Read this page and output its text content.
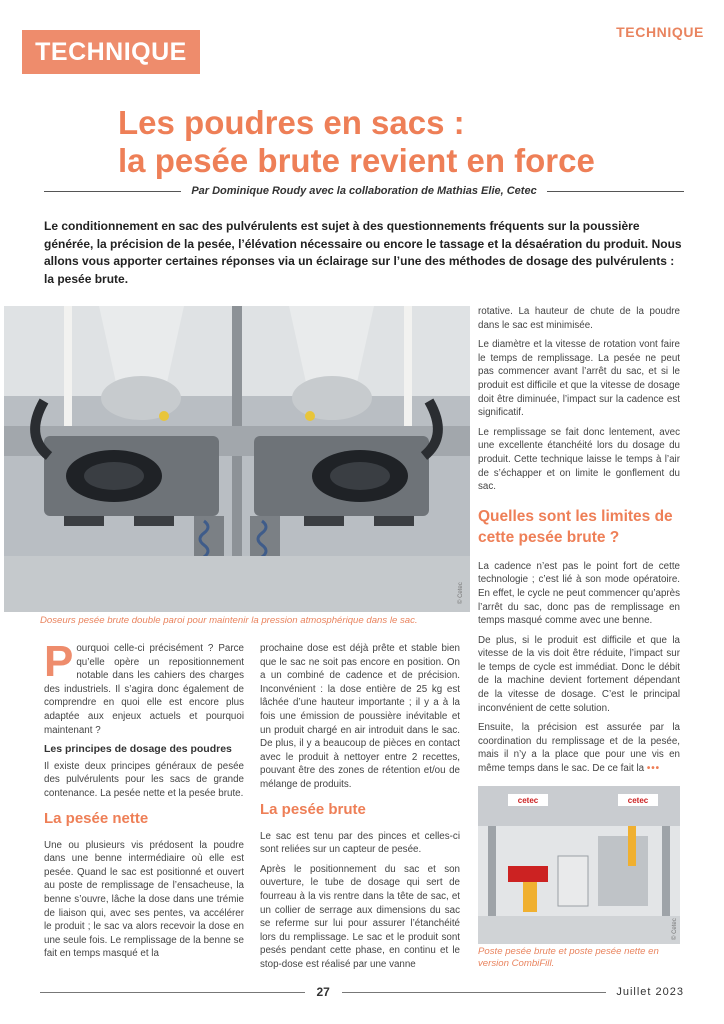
TECHNIQUE
TECHNIQUE
Les poudres en sacs :
la pesée brute revient en force
Par Dominique Roudy avec la collaboration de Mathias Elie, Cetec

Le conditionnement en sac des pulvérulents est sujet à des questionnements fréquents sur la poussière générée, la précision de la pesée, l’élévation nécessaire ou encore le tassage et la désaération du produit. Nous allons vous apporter certaines réponses via un éclairage sur l’une des méthodes de dosage des pulvérulents : la pesée brute.

© Cetec
Doseurs pesée brute double paroi pour maintenir la pression atmosphérique dans le sac.

Pourquoi celle-ci précisément ? Parce qu’elle opère un repositionnement notable dans les cahiers des charges des industriels. Il s’agira donc également de comprendre en quoi elle est encore plus adaptée aux enjeux actuels et pourquoi maintenant ?

Les principes de dosage des poudres

Il existe deux principes généraux de pesée des pulvérulents pour les sacs de grande contenance. La pesée nette et la pesée brute.

La pesée nette

Une ou plusieurs vis prédosent la poudre dans une benne intermédiaire où elle est pesée. Quand le sac est positionné et ouvert au poste de remplissage de l’ensacheuse, la benne s’ouvre, lâche la dose dans une trémie de liaison qui, avec ses pentes, va accélérer le produit ; le sac va alors recevoir la dose en une seule fois. Le remplissage de la benne se fait en temps masqué et la

prochaine dose est déjà prête et stable bien que le sac ne soit pas encore en position. On a un combiné de cadence et de précision. Inconvénient : la dose entière de 25 kg est lâchée d’une hauteur importante ; il y a à la fois une émission de poussière inévitable et un produit chargé en air introduit dans le sac. De plus, il y a beaucoup de pièces en contact avec le produit à nettoyer entre 2 recettes, pouvant être des zones de rétention et/ou de mélange de produits.

La pesée brute

Le sac est tenu par des pinces et celles-ci sont reliées sur un capteur de pesée.

Après le positionnement du sac et son ouverture, le tube de dosage qui sert de fourreau à la vis rentre dans la tête de sac, et un collier de serrage aux dimensions du sac se referme sur lui pour assurer l’étanchéité lors du remplissage. Le sac et le produit sont pesés pendant cette phase, en continu et le stop-dose est réalisé par une vanne

rotative. La hauteur de chute de la poudre dans le sac est minimisée.

Le diamètre et la vitesse de rotation vont faire le temps de remplissage. La pesée ne peut pas commencer avant l’arrêt du sac, et si le produit est difficile et que la vitesse de dosage doit être diminuée, l’impact sur la cadence est significatif.

Le remplissage se fait donc lentement, avec une excellente étanchéité lors du dosage du produit. Cette technique laisse le temps à l’air de s’échapper et on limite le gonflement du sac.

Quelles sont les limites de cette pesée brute ?

La cadence n’est pas le point fort de cette technologie ; c’est lié à son mode opératoire. En effet, le cycle ne peut commencer qu’après l’arrêt du sac, donc pas de remplissage en temps masqué comme avec une benne.

De plus, si le produit est difficile et que la vitesse de la vis doit être réduite, l’impact sur le temps de cycle est immédiat. Donc le débit de la machine devient fortement dépendant de la vitesse de dosage. C’est le principal inconvénient de cette solution.

Ensuite, la précision est assurée par la coordination du remplissage et de la pesée, mais il n’y a la place que pour une vis en même temps dans le sac. De ce fait la •••

cetec	cetec
© Cetec
Poste pesée brute et poste pesée nette en version CombiFill.
27	Juillet 2023
